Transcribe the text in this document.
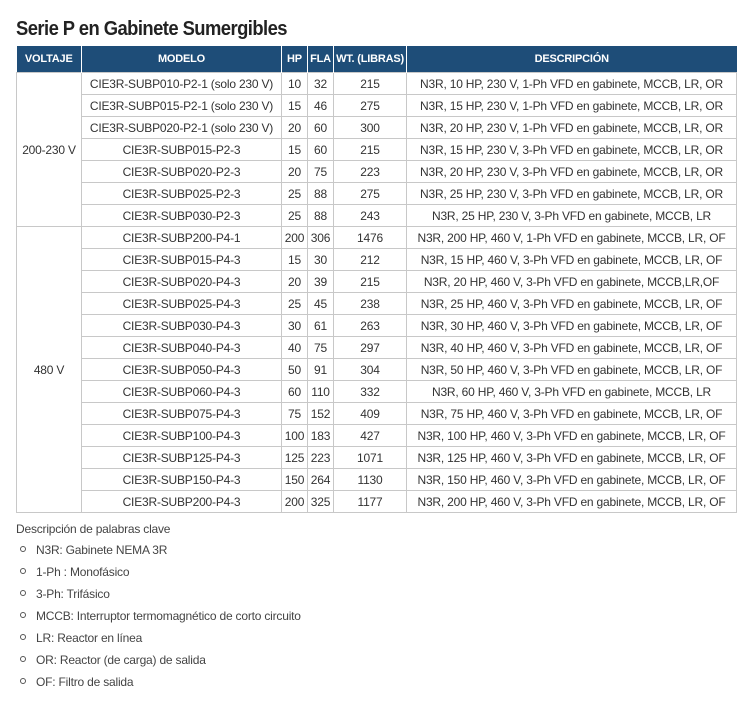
Serie P en Gabinete Sumergibles
VOLTAJE	MODELO	HP	FLA	WT. (LIBRAS)	DESCRIPCIÓN
200-230 V	CIE3R-SUBP010-P2-1 (solo 230 V)	10	32	215	N3R, 10 HP, 230 V, 1-Ph VFD en gabinete, MCCB, LR, OR
	CIE3R-SUBP015-P2-1 (solo 230 V)	15	46	275	N3R, 15 HP, 230 V, 1-Ph VFD en gabinete, MCCB, LR, OR
	CIE3R-SUBP020-P2-1 (solo 230 V)	20	60	300	N3R, 20 HP, 230 V, 1-Ph VFD en gabinete, MCCB, LR, OR
	CIE3R-SUBP015-P2-3	15	60	215	N3R, 15 HP, 230 V, 3-Ph VFD en gabinete, MCCB, LR, OR
	CIE3R-SUBP020-P2-3	20	75	223	N3R, 20 HP, 230 V, 3-Ph VFD en gabinete, MCCB, LR, OR
	CIE3R-SUBP025-P2-3	25	88	275	N3R, 25 HP, 230 V, 3-Ph VFD en gabinete, MCCB, LR, OR
	CIE3R-SUBP030-P2-3	25	88	243	N3R, 25 HP, 230 V, 3-Ph VFD en gabinete, MCCB, LR
480 V	CIE3R-SUBP200-P4-1	200	306	1476	N3R, 200 HP, 460 V, 1-Ph VFD en gabinete, MCCB, LR, OF
	CIE3R-SUBP015-P4-3	15	30	212	N3R, 15 HP, 460 V, 3-Ph VFD en gabinete, MCCB, LR, OF
	CIE3R-SUBP020-P4-3	20	39	215	N3R, 20 HP, 460 V, 3-Ph VFD en gabinete, MCCB,LR,OF
	CIE3R-SUBP025-P4-3	25	45	238	N3R, 25 HP, 460 V, 3-Ph VFD en gabinete, MCCB, LR, OF
	CIE3R-SUBP030-P4-3	30	61	263	N3R, 30 HP, 460 V, 3-Ph VFD en gabinete, MCCB, LR, OF
	CIE3R-SUBP040-P4-3	40	75	297	N3R, 40 HP, 460 V, 3-Ph VFD en gabinete, MCCB, LR, OF
	CIE3R-SUBP050-P4-3	50	91	304	N3R, 50 HP, 460 V, 3-Ph VFD en gabinete, MCCB, LR, OF
	CIE3R-SUBP060-P4-3	60	110	332	N3R, 60 HP, 460 V, 3-Ph VFD en gabinete, MCCB, LR
	CIE3R-SUBP075-P4-3	75	152	409	N3R, 75 HP, 460 V, 3-Ph VFD en gabinete, MCCB, LR, OF
	CIE3R-SUBP100-P4-3	100	183	427	N3R, 100 HP, 460 V, 3-Ph VFD en gabinete, MCCB, LR, OF
	CIE3R-SUBP125-P4-3	125	223	1071	N3R, 125 HP, 460 V, 3-Ph VFD en gabinete, MCCB, LR, OF
	CIE3R-SUBP150-P4-3	150	264	1130	N3R, 150 HP, 460 V, 3-Ph VFD en gabinete, MCCB, LR, OF
	CIE3R-SUBP200-P4-3	200	325	1177	N3R, 200 HP, 460 V, 3-Ph VFD en gabinete, MCCB, LR, OF
Descripción de palabras clave
N3R: Gabinete NEMA 3R
1-Ph : Monofásico
3-Ph: Trifásico
MCCB: Interruptor termomagnético de corto circuito
LR: Reactor en línea
OR: Reactor (de carga) de salida
OF: Filtro de salida
